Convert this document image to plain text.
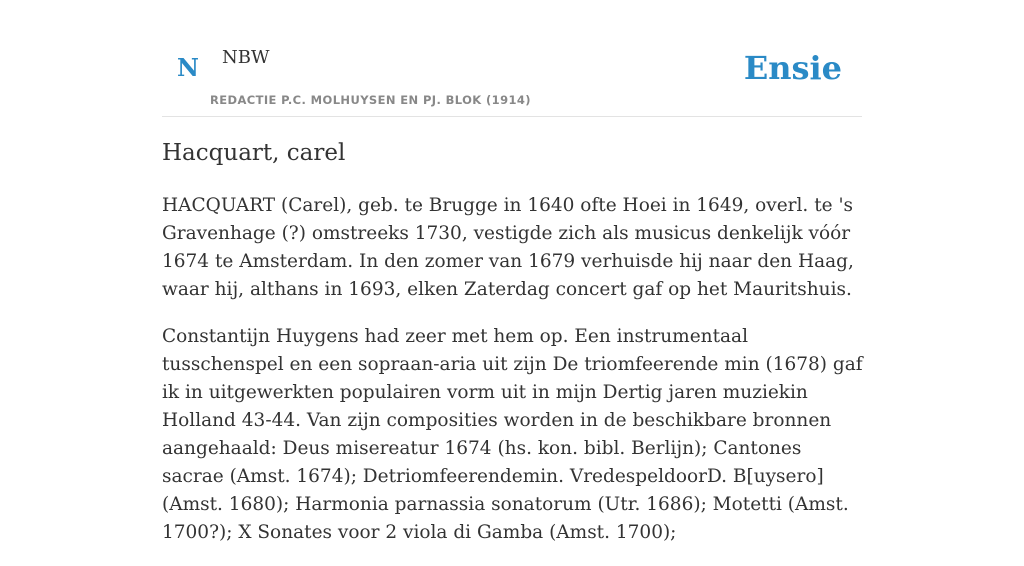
N NBW
REDACTIE P.C. MOLHUYSEN EN PJ. BLOK (1914)
Ensie
Hacquart, carel

HACQUART (Carel), geb. te Brugge in 1640 ofte Hoei in 1649, overl. te 's Gravenhage (?) omstreeks 1730, vestigde zich als musicus denkelijk vóór 1674 te Amsterdam. In den zomer van 1679 verhuisde hij naar den Haag, waar hij, althans in 1693, elken Zaterdag concert gaf op het Mauritshuis.

Constantijn Huygens had zeer met hem op. Een instrumentaal tusschenspel en een sopraan-aria uit zijn De triomfeerende min (1678) gaf ik in uitgewerkten populairen vorm uit in mijn Dertig jaren muziekin Holland 43-44. Van zijn composities worden in de beschikbare bronnen aangehaald: Deus misereatur 1674 (hs. kon. bibl. Berlijn); Cantones sacrae (Amst. 1674); Detriomfeerendemin. VredespeldoorD. B[uysero] (Amst. 1680); Harmonia parnassia sonatorum (Utr. 1686); Motetti (Amst. 1700?); X Sonates voor 2 viola di Gamba (Amst. 1700);
